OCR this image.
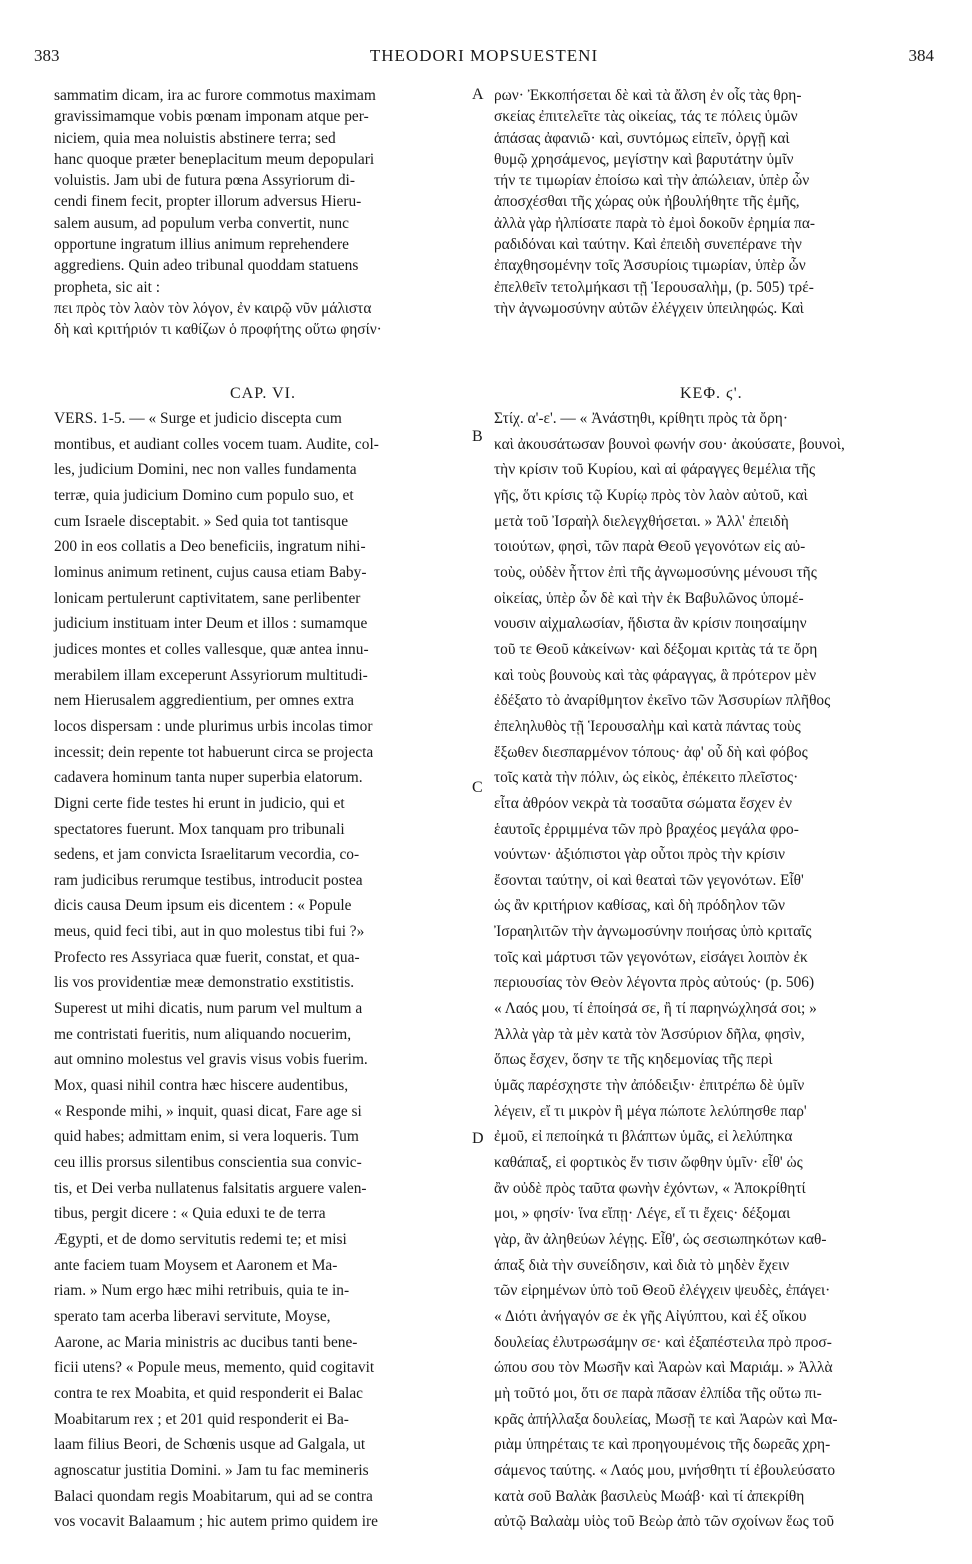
383	THEODORI MOPSUESTENI	384
A
B
C
D
sammatim dicam, ira ac furore commotus maximam
gravissimamque vobis pœnam imponam atque per-
niciem, quia mea noluistis abstinere terra; sed
hanc quoque præter beneplacitum meum depopulari
voluistis. Jam ubi de futura pœna Assyriorum di-
cendi finem fecit, propter illorum adversus Hieru-
salem ausum, ad populum verba convertit, nunc
opportune ingratum illius animum reprehendere
aggrediens. Quin adeo tribunal quoddam statuens
propheta, sic ait :
πει πρὸς τὸν λαὸν τὸν λόγον, ἐν καιρῷ νῦν μάλιστα
δὴ καὶ κριτήριόν τι καθίζων ὁ προφήτης οὕτω φησίν·
ρων· Ἐκκοπήσεται δὲ καὶ τὰ ἄλση ἐν οἷς τὰς θρη-
σκείας ἐπιτελεῖτε τὰς οἰκείας, τάς τε πόλεις ὑμῶν
ἁπάσας ἀφανιῶ· καὶ, συντόμως εἰπεῖν, ὀργῇ καὶ
θυμῷ χρησάμενος, μεγίστην καὶ βαρυτάτην ὑμῖν
τήν τε τιμωρίαν ἐποίσω καὶ τὴν ἀπώλειαν, ὑπὲρ ὧν
ἀποσχέσθαι τῆς χώρας οὐκ ἠβουλήθητε τῆς ἐμῆς,
ἀλλὰ γὰρ ἠλπίσατε παρὰ τὸ ἐμοὶ δοκοῦν ἐρημία πα-
ραδιδόναι καὶ ταύτην. Καὶ ἐπειδὴ συνεπέρανε τὴν
ἐπαχθησομένην τοῖς Ἀσσυρίοις τιμωρίαν, ὑπὲρ ὧν
ἐπελθεῖν τετολμήκασι τῇ Ἱερουσαλὴμ, (p. 505) τρέ-
τὴν ἀγνωμοσύνην αὐτῶν ἐλέγχειν ὑπειληφώς. Καὶ
CAP. VI.	ΚΕΦ. ϛ'.
VERS. 1-5. — « Surge et judicio discepta cum
montibus, et audiant colles vocem tuam. Audite, col-
les, judicium Domini, nec non valles fundamenta
terræ, quia judicium Domino cum populo suo, et
cum Israele disceptabit. » Sed quia tot tantisque
200 in eos collatis a Deo beneficiis, ingratum nihi-
lominus animum retinent, cujus causa etiam Baby-
lonicam pertulerunt captivitatem, sane perlibenter
judicium instituam inter Deum et illos : sumamque
judices montes et colles vallesque, quæ antea innu-
merabilem illam exceperunt Assyriorum multitudi-
nem Hierusalem aggredientium, per omnes extra
locos dispersam : unde plurimus urbis incolas timor
incessit; dein repente tot habuerunt circa se projecta
cadavera hominum tanta nuper superbia elatorum.
Digni certe fide testes hi erunt in judicio, qui et
spectatores fuerunt. Mox tanquam pro tribunali
sedens, et jam convicta Israelitarum vecordia, co-
ram judicibus rerumque testibus, introducit postea
dicis causa Deum ipsum eis dicentem : « Popule
meus, quid feci tibi, aut in quo molestus tibi fui ?»
Profecto res Assyriaca quæ fuerit, constat, et qua-
lis vos providentiæ meæ demonstratio exstitistis.
Superest ut mihi dicatis, num parum vel multum a
me contristati fueritis, num aliquando nocuerim,
aut omnino molestus vel gravis visus vobis fuerim.
Mox, quasi nihil contra hæc hiscere audentibus,
« Responde mihi, » inquit, quasi dicat, Fare age si
quid habes; admittam enim, si vera loqueris. Tum
ceu illis prorsus silentibus conscientia sua convic-
tis, et Dei verba nullatenus falsitatis arguere valen-
tibus, pergit dicere : « Quia eduxi te de terra
Ægypti, et de domo servitutis redemi te; et misi
ante faciem tuam Moysem et Aaronem et Ma-
riam. » Num ergo hæc mihi retribuis, quia te in-
sperato tam acerba liberavi servitute, Moyse,
Aarone, ac Maria ministris ac ducibus tanti bene-
ficii utens? « Popule meus, memento, quid cogitavit
contra te rex Moabita, et quid responderit ei Balac
Moabitarum rex ; et 201 quid responderit ei Ba-
laam filius Beori, de Schœnis usque ad Galgala, ut
agnoscatur justitia Domini. » Jam tu fac memineris
Balaci quondam regis Moabitarum, qui ad se contra
vos vocavit Balaamum ; hic autem primo quidem ire
Στίχ. α'-ε'. — « Ἀνάστηθι, κρίθητι πρὸς τὰ ὄρη·
καὶ ἀκουσάτωσαν βουνοὶ φωνήν σου· ἀκούσατε, βουνοὶ,
τὴν κρίσιν τοῦ Κυρίου, καὶ αἱ φάραγγες θεμέλια τῆς
γῆς, ὅτι κρίσις τῷ Κυρίῳ πρὸς τὸν λαὸν αὐτοῦ, καὶ
μετὰ τοῦ Ἰσραὴλ διελεγχθήσεται. » Ἀλλ' ἐπειδὴ
τοιούτων, φησὶ, τῶν παρὰ Θεοῦ γεγονότων εἰς αὐ-
τοὺς, οὐδὲν ἧττον ἐπὶ τῆς ἀγνωμοσύνης μένουσι τῆς
οἰκείας, ὑπὲρ ὧν δὲ καὶ τὴν ἐκ Βαβυλῶνος ὑπομέ-
νουσιν αἰχμαλωσίαν, ἥδιστα ἂν κρίσιν ποιησαίμην
τοῦ τε Θεοῦ κἀκείνων· καὶ δέξομαι κριτὰς τά τε ὄρη
καὶ τοὺς βουνοὺς καὶ τὰς φάραγγας, ἃ πρότερον μὲν
ἐδέξατο τὸ ἀναρίθμητον ἐκεῖνο τῶν Ἀσσυρίων πλῆθος
ἐπεληλυθὸς τῇ Ἱερουσαλὴμ καὶ κατὰ πάντας τοὺς
ἔξωθεν διεσπαρμένον τόπους· ἀφ' οὗ δὴ καὶ φόβος
τοῖς κατὰ τὴν πόλιν, ὡς εἰκὸς, ἐπέκειτο πλεῖστος·
εἶτα ἀθρόον νεκρὰ τὰ τοσαῦτα σώματα ἔσχεν ἐν
ἑαυτοῖς ἐρριμμένα τῶν πρὸ βραχέος μεγάλα φρο-
νούντων· ἀξιόπιστοι γὰρ οὗτοι πρὸς τὴν κρίσιν
ἔσονται ταύτην, οἱ καὶ θεαταὶ τῶν γεγονότων. Εἶθ'
ὡς ἂν κριτήριον καθίσας, καὶ δὴ πρόδηλον τῶν
Ἰσραηλιτῶν τὴν ἀγνωμοσύνην ποιήσας ὑπὸ κριταῖς
τοῖς καὶ μάρτυσι τῶν γεγονότων, εἰσάγει λοιπὸν ἐκ
περιουσίας τὸν Θεὸν λέγοντα πρὸς αὐτούς· (p. 506)
« Λαός μου, τί ἐποίησά σε, ἢ τί παρηνώχλησά σοι; »
Ἀλλὰ γὰρ τὰ μὲν κατὰ τὸν Ἀσσύριον δῆλα, φησὶν,
ὅπως ἔσχεν, ὅσην τε τῆς κηδεμονίας τῆς περὶ
ὑμᾶς παρέσχηστε τὴν ἀπόδειξιν· ἐπιτρέπω δὲ ὑμῖν
λέγειν, εἴ τι μικρὸν ἢ μέγα πώποτε λελύπησθε παρ'
ἐμοῦ, εἰ πεποίηκά τι βλάπτων ὑμᾶς, εἰ λελύπηκα
καθάπαξ, εἰ φορτικὸς ἔν τισιν ὤφθην ὑμῖν· εἶθ' ὡς
ἂν οὐδὲ πρὸς ταῦτα φωνὴν ἐχόντων, « Ἀποκρίθητί
μοι, » φησίν· ἵνα εἴπῃ· Λέγε, εἴ τι ἔχεις· δέξομαι
γὰρ, ἂν ἀληθεύων λέγῃς. Εἶθ', ὡς σεσιωπηκότων καθ-
άπαξ διὰ τὴν συνείδησιν, καὶ διὰ τὸ μηδὲν ἔχειν
τῶν εἰρημένων ὑπὸ τοῦ Θεοῦ ἐλέγχειν ψευδὲς, ἐπάγει·
« Διότι ἀνήγαγόν σε ἐκ γῆς Αἰγύπτου, καὶ ἐξ οἴκου
δουλείας ἐλυτρωσάμην σε· καὶ ἐξαπέστειλα πρὸ προσ-
ώπου σου τὸν Μωσῆν καὶ Ἀαρὼν καὶ Μαριάμ. » Ἀλλὰ
μὴ τοῦτό μοι, ὅτι σε παρὰ πᾶσαν ἐλπίδα τῆς οὕτω πι-
κρᾶς ἀπήλλαξα δουλείας, Μωσῇ τε καὶ Ἀαρὼν καὶ Μα-
ριὰμ ὑπηρέταις τε καὶ προηγουμένοις τῆς δωρεᾶς χρη-
σάμενος ταύτης. « Λαός μου, μνήσθητι τί ἐβουλεύσατο
κατὰ σοῦ Βαλὰκ βασιλεὺς Μωάβ· καὶ τί ἀπεκρίθη
αὐτῷ Βαλαὰμ υἱὸς τοῦ Βεὼρ ἀπὸ τῶν σχοίνων ἕως τοῦ
